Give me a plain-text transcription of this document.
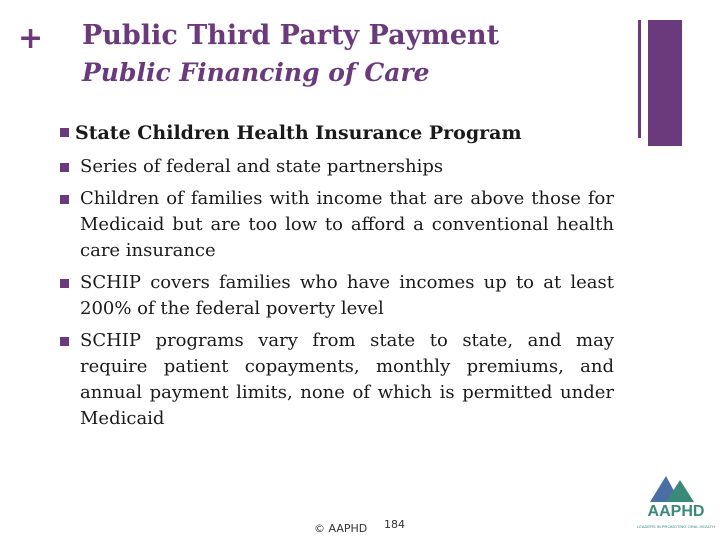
+ Public Third Party Payment
Public Financing of Care
State Children Health Insurance Program
Series of federal and state partnerships
Children of families with income that are above those for Medicaid but are too low to afford a conventional health care insurance
SCHIP covers families who have incomes up to at least 200% of the federal poverty level
SCHIP programs vary from state to state, and may require patient copayments, monthly premiums, and annual payment limits, none of which is permitted under Medicaid
© AAPHD 184
AAPHD
LEADERS IN PROMOTING ORAL HEALTH
